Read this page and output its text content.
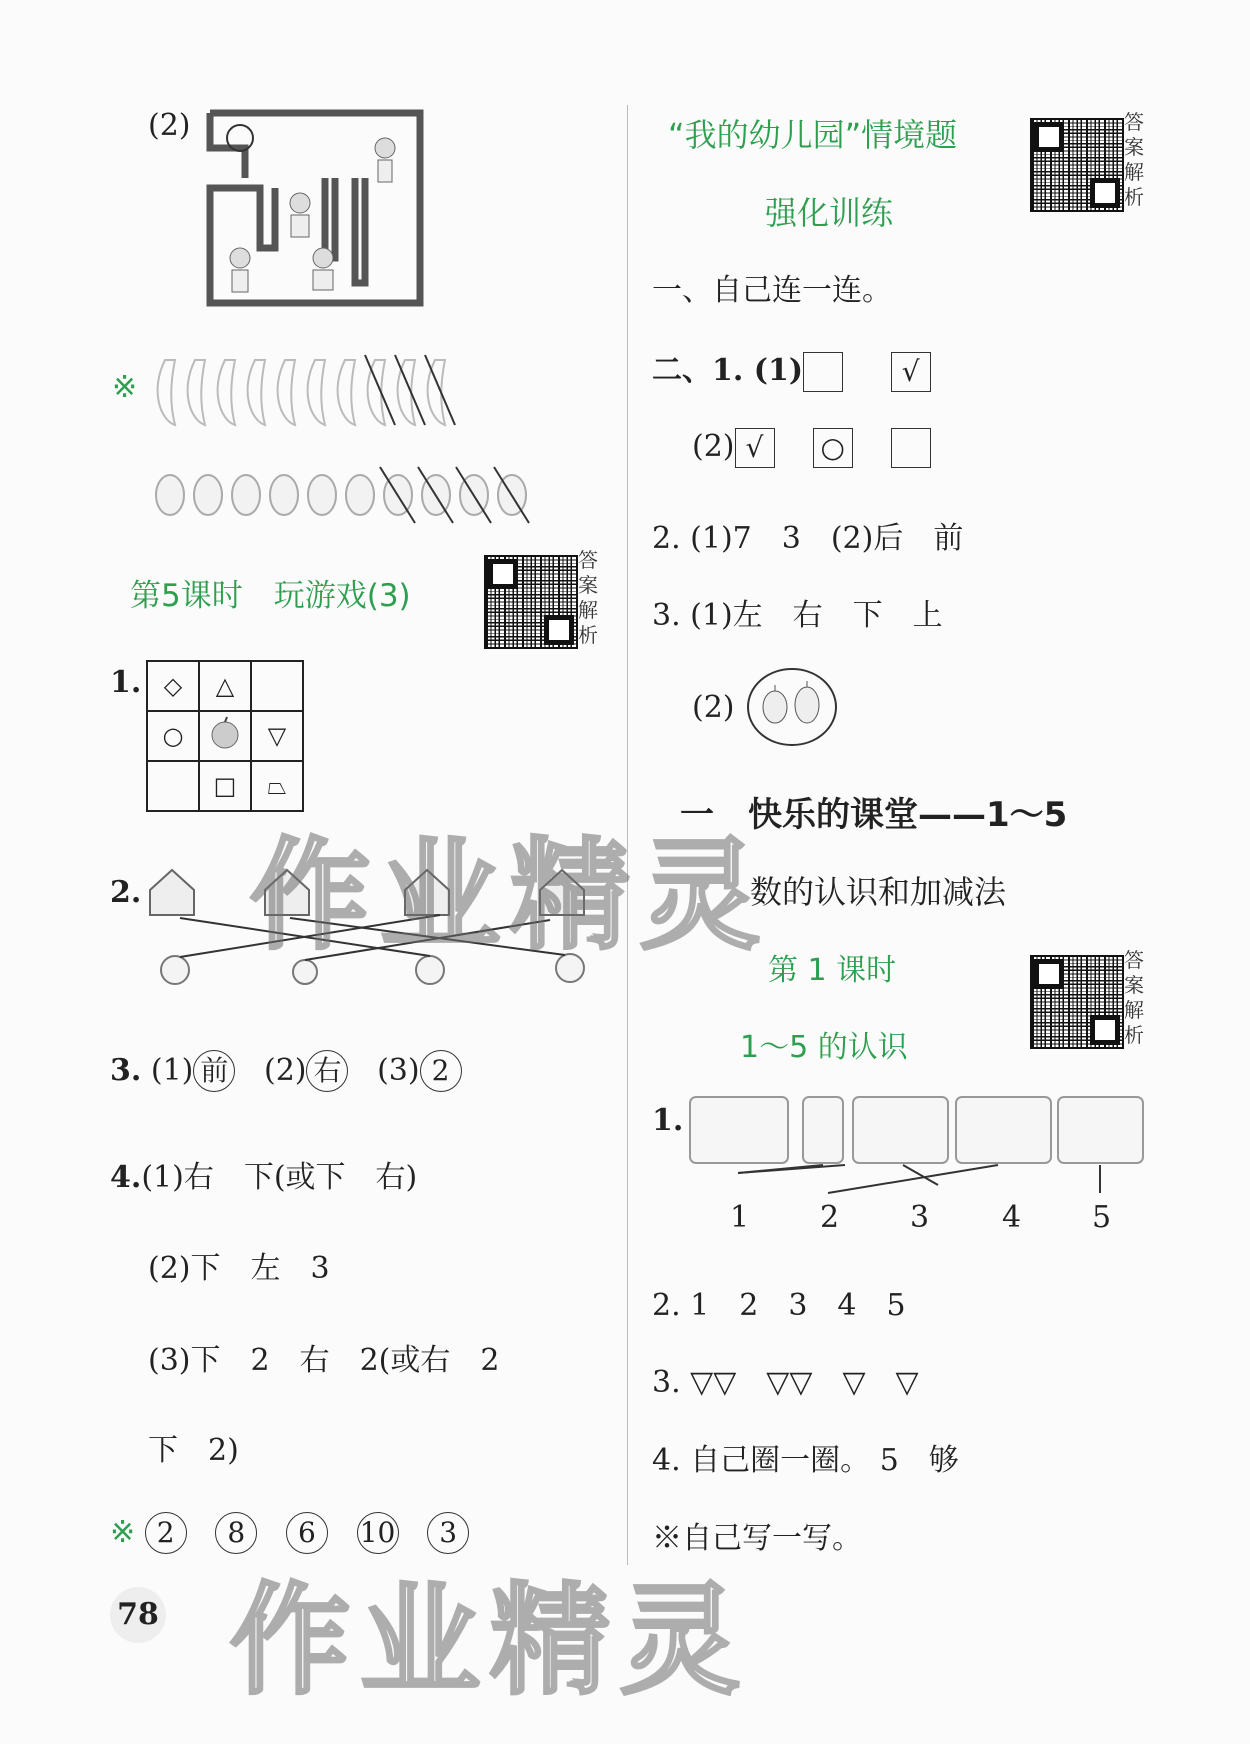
(2)
※
第5课时　玩游戏(3)
答
案
解
析
1. ◇	△	
○		▽
	□	⏢
2.
3. (1) 前 (2) 右 (3) 2
4.(1)右　下(或下　右)
(2)下　左　3
(3)下　2　右　2(或右　2
下　2)
※ 2 8 6 10 3
“我的幼儿园”情境题
强化训练
答
案
解
析
一、自己连一连。
二、1. (1)	√
(2) √ ○
2. (1)7　3　(2)后　前
3. (1)左　右　下　上
(2)
一　快乐的课堂——1～5
数的认识和加减法
第 1 课时
1～5 的认识
答
案
解
析
1.
1 2 3 4 5
2. 1　2　3　4　5
3. ▽▽　▽▽　▽　▽
4. 自己圈一圈。 5　够
※自己写一写。
作业精灵
作业精灵
78
